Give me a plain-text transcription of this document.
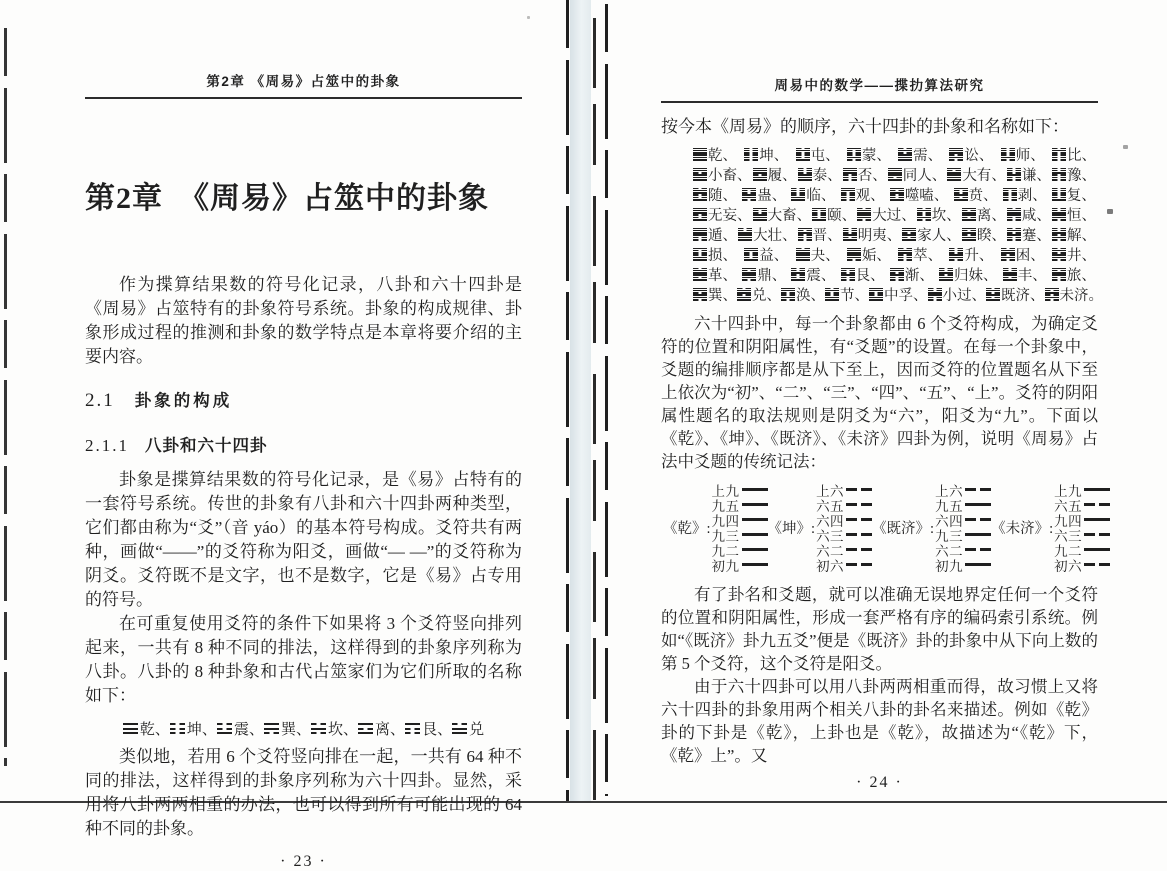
第2章 《周易》占筮中的卦象
第2章　《周易》占筮中的卦象

作为揲算结果数的符号化记录，八卦和六十四卦是《周易》占筮特有的卦象符号系统。卦象的构成规律、卦象形成过程的推测和卦象的数学特点是本章将要介绍的主要内容。

2.1 卦象的构成
2.1.1 八卦和六十四卦

卦象是揲算结果数的符号化记录，是《易》占特有的一套符号系统。传世的卦象有八卦和六十四卦两种类型，它们都由称为“爻”（音 yáo）的基本符号构成。爻符共有两种，画做“——”的爻符称为阳爻，画做“— —”的爻符称为阴爻。爻符既不是文字，也不是数字，它是《易》占专用的符号。

在可重复使用爻符的条件下如果将 3 个爻符竖向排列起来，一共有 8 种不同的排法，这样得到的卦象序列称为八卦。八卦的 8 种卦象和古代占筮家们为它们所取的名称如下：

乾 、 坤 、 震 、 巽 、 坎 、 离 、 艮 、 兑

类似地，若用 6 个爻符竖向排在一起，一共有 64 种不同的排法，这样得到的卦象序列称为六十四卦。显然，采用将八卦两两相重的办法，也可以得到所有可能出现的 64 种不同的卦象。

· 23 ·
周易中的数学——揲扐算法研究

按今本《周易》的顺序，六十四卦的卦象和名称如下：

乾 、 坤 、 屯 、 蒙 、 需 、 讼 、 师 、 比 、
小畜 、 履 、 泰 、 否 、 同人 、 大有 、 谦 、 豫 、
随 、 蛊 、 临 、 观 、 噬嗑 、 贲 、 剥 、 复 、
无妄 、 大畜 、 颐 、 大过 、 坎 、 离 、 咸 、 恒 、
遁 、 大壮 、 晋 、 明夷 、 家人 、 睽 、 蹇 、 解 、
损 、 益 、 夬 、 姤 、 萃 、 升 、 困 、 井 、
革 、 鼎 、 震 、 艮 、 渐 、 归妹 、 丰 、 旅 、
巽 、 兑 、 涣 、 节 、 中孚 、 小过 、 既济 、 未济 。

六十四卦中，每一个卦象都由 6 个爻符构成，为确定爻符的位置和阴阳属性，有“爻题”的设置。在每一个卦象中，爻题的编排顺序都是从下至上，因而爻符的位置题名从下至上依次为“初”、“二”、“三”、“四”、“五”、“上”。爻符的阴阳属性题名的取法规则是阴爻为“六”，阳爻为“九”。下面以《乾》、《坤》、《既济》、《未济》四卦为例，说明《周易》占法中爻题的传统记法：

《乾》:
上九
九五
九四
九三
九二
初九
《坤》:
上六
六五
六四
六三
六二
初六
《既济》:
上六
九五
六四
九三
六二
初九
《未济》:
上九
六五
九四
六三
九二
初六

有了卦名和爻题，就可以准确无误地界定任何一个爻符的位置和阴阳属性，形成一套严格有序的编码索引系统。例如“《既济》卦九五爻”便是《既济》卦的卦象中从下向上数的第 5 个爻符，这个爻符是阳爻。

由于六十四卦可以用八卦两两相重而得，故习惯上又将六十四卦的卦象用两个相关八卦的卦名来描述。例如《乾》卦的下卦是《乾》，上卦也是《乾》，故描述为“《乾》下，《乾》上”。又

· 24 ·
